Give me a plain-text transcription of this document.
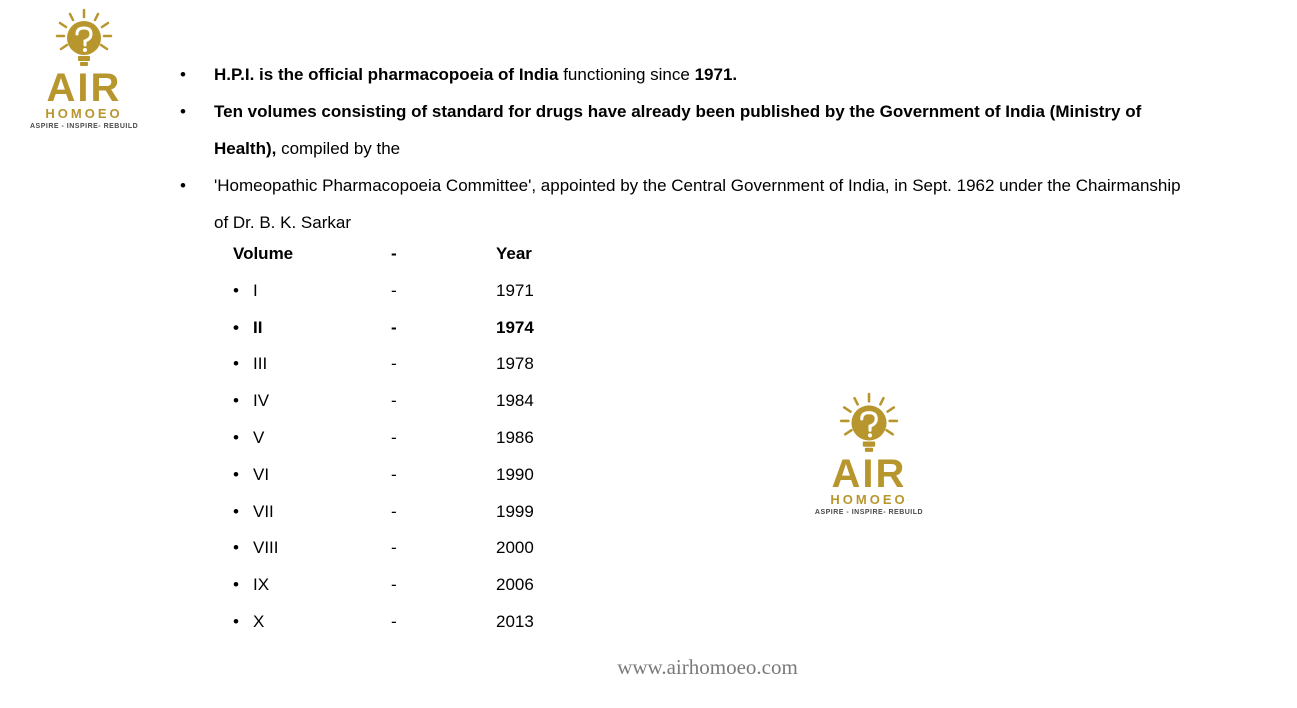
AIR
HOMOEO
ASPIRE - INSPIRE- REBUILD
• H.P.I. is the official pharmacopoeia of India functioning since 1971.
• Ten volumes consisting of standard for drugs have already been published by the Government of India (Ministry of Health), compiled by the
• 'Homeopathic Pharmacopoeia Committee', appointed by the Central Government of India, in Sept. 1962 under the Chairmanship of Dr. B. K. Sarkar
Volume	-	Year
• I	-	1971
• II	-	1974
• III	-	1978
• IV	-	1984
• V	-	1986
• VI	-	1990
• VII	-	1999
• VIII	-	2000
• IX	-	2006
• X	-	2013
AIR
HOMOEO
ASPIRE - INSPIRE- REBUILD
www.airhomoeo.com
